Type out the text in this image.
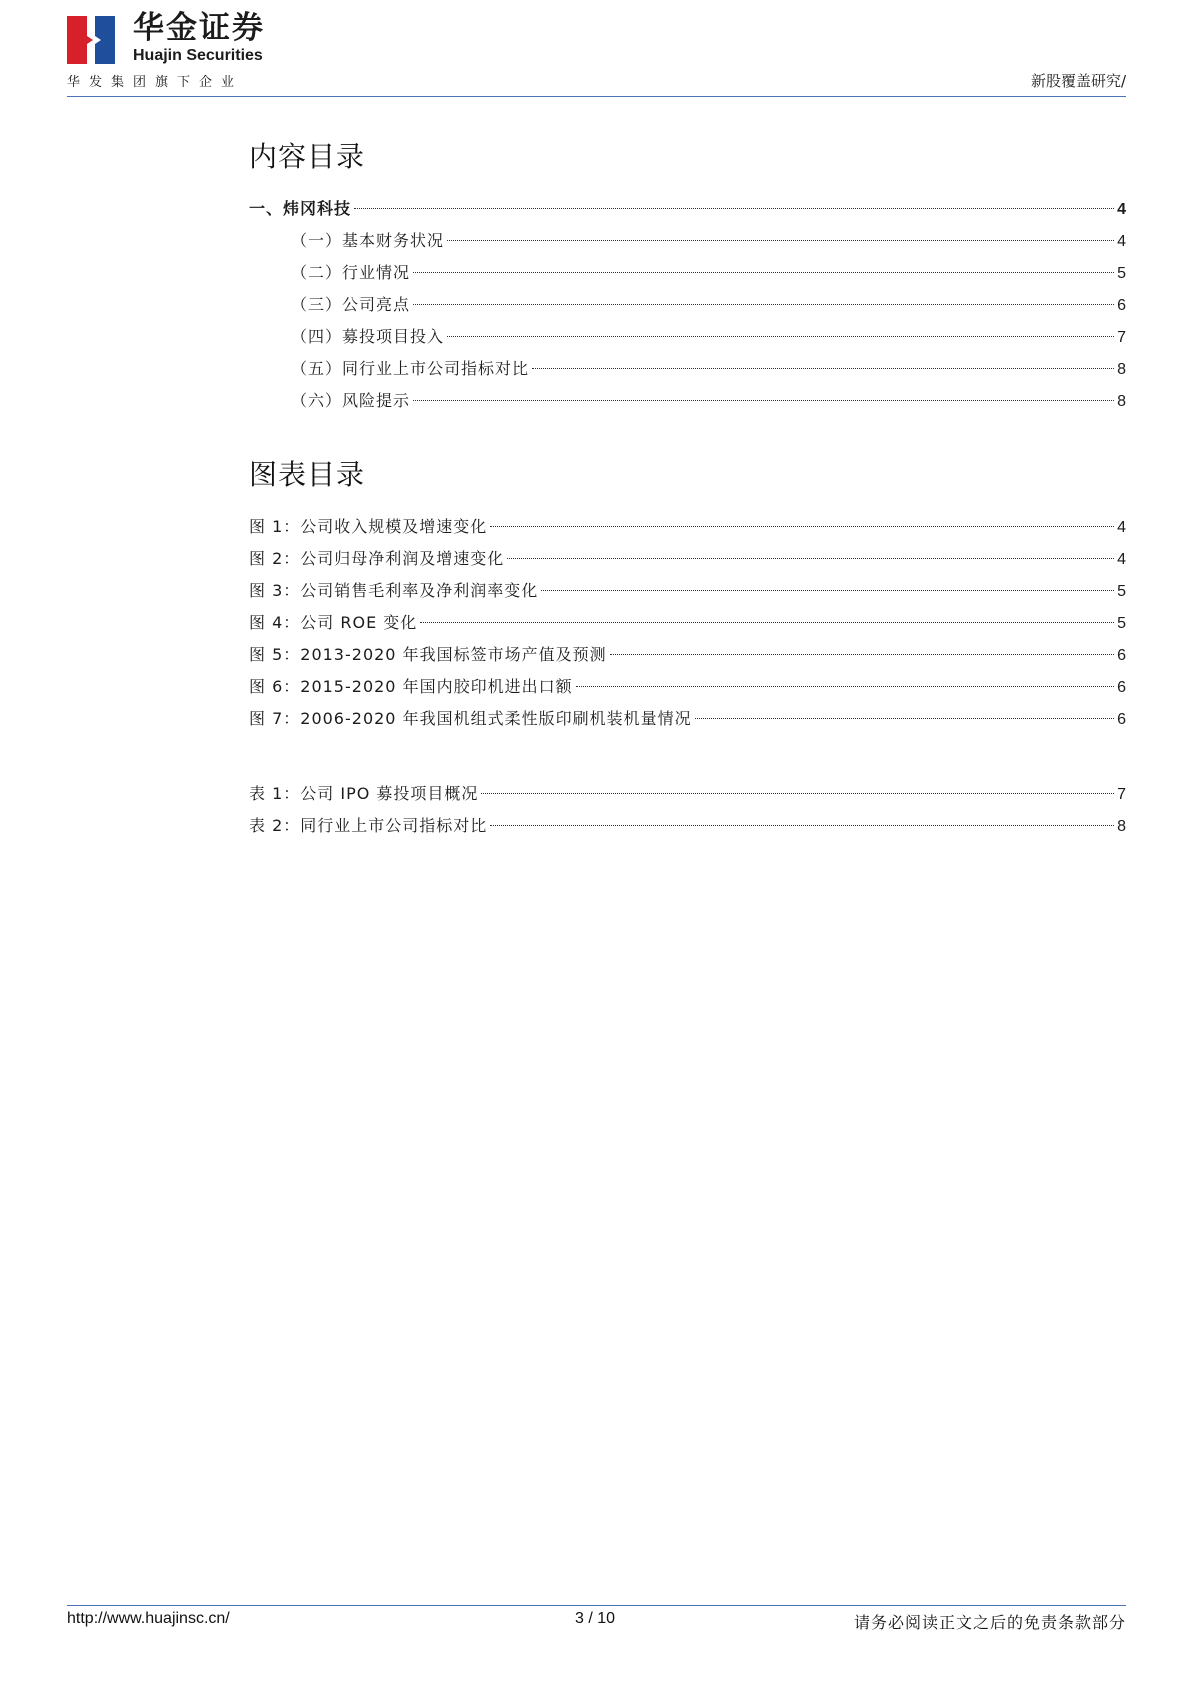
华金证券
Huajin Securities
华发集团旗下企业	新股覆盖研究/
内容目录
一、炜冈科技	4
（一）基本财务状况	4
（二）行业情况	5
（三）公司亮点	6
（四）募投项目投入	7
（五）同行业上市公司指标对比	8
（六）风险提示	8
图表目录
图 1：公司收入规模及增速变化	4
图 2：公司归母净利润及增速变化	4
图 3：公司销售毛利率及净利润率变化	5
图 4：公司 ROE 变化	5
图 5：2013-2020 年我国标签市场产值及预测	6
图 6：2015-2020 年国内胶印机进出口额	6
图 7：2006-2020 年我国机组式柔性版印刷机装机量情况	6
表 1：公司 IPO 募投项目概况	7
表 2：同行业上市公司指标对比	8
http://www.huajinsc.cn/	3 / 10	请务必阅读正文之后的免责条款部分
